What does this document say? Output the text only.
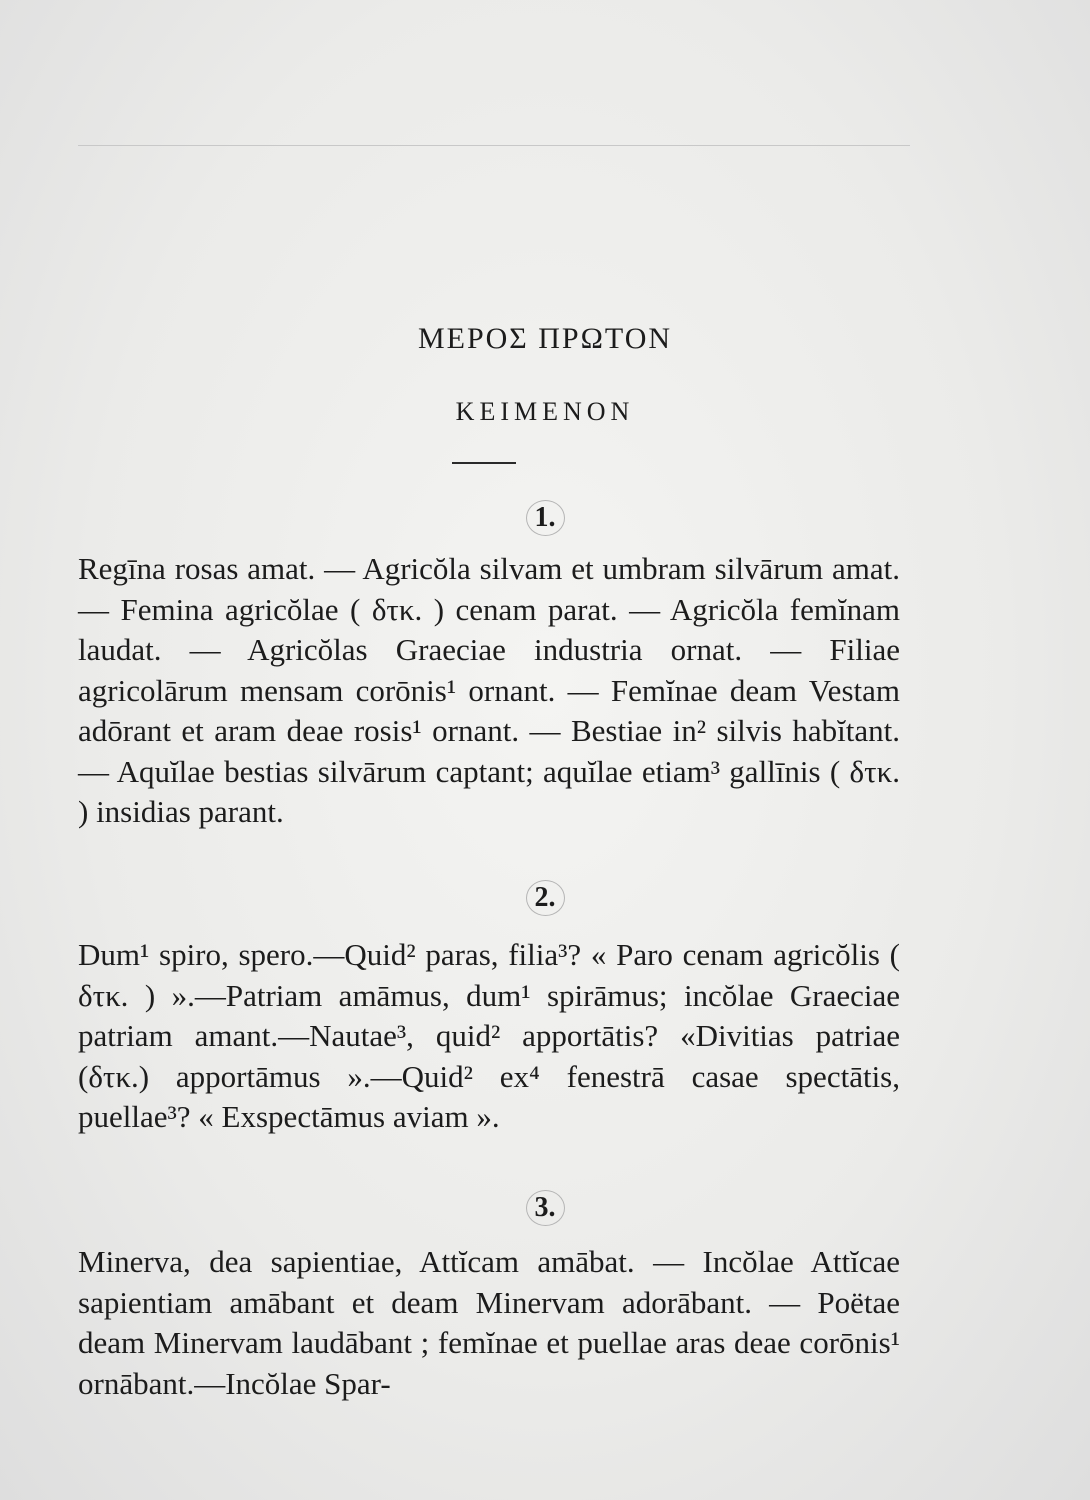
ΜΕΡΟΣ ΠΡΩΤΟΝ
KEIMENON
1.

Regīna rosas amat. — Agricŏla silvam et umbram silvārum amat. — Femina agricŏlae ( δτκ. ) cenam parat. — Agricŏla femĭnam laudat. — Agricŏlas Graeciae industria ornat. — Filiae agricolārum mensam corōnis¹ ornant. — Femĭnae deam Vestam adōrant et aram deae rosis¹ ornant. — Bestiae in² silvis habĭtant. — Aquĭlae bestias silvārum captant; aquĭlae etiam³ gallīnis ( δτκ. ) insidias parant.

2.

Dum¹ spiro, spero.—Quid² paras, filia³? « Paro cenam agricŏlis ( δτκ. ) ».—Patriam amāmus, dum¹ spirāmus; incŏlae Graeciae patriam amant.—Nautae³, quid² apportātis? «Divitias patriae (δτκ.) apportāmus ».—Quid² ex⁴ fenestrā casae spectātis, puellae³? « Exspectāmus aviam ».

3.

Minerva, dea sapientiae, Attĭcam amābat. — Incŏlae Attĭcae sapientiam amābant et deam Minervam adorābant. — Poëtae deam Minervam laudābant ; femĭnae et puellae aras deae corōnis¹ ornābant.—Incŏlae Spar-
